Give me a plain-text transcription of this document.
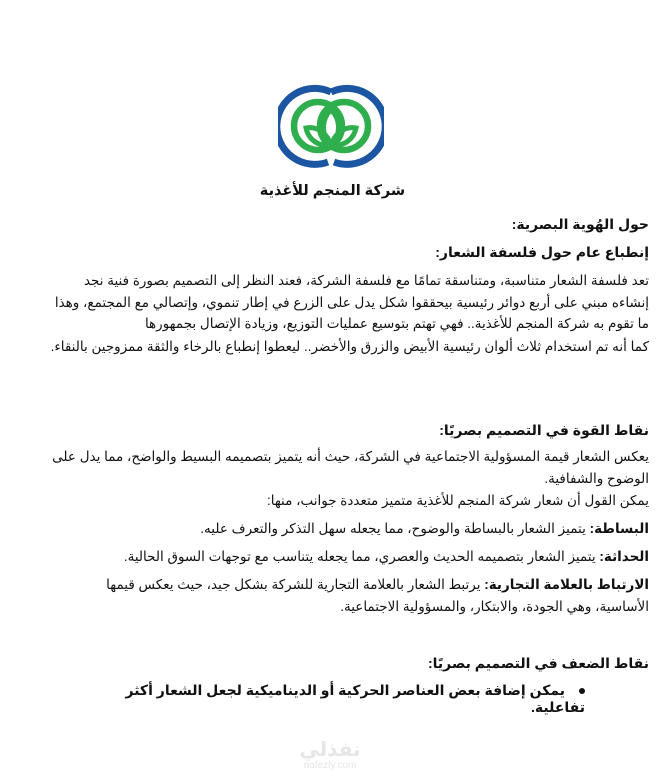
شركة المنجم للأغذية
حول الهُوية البصرية:
إنطباع عام حول فلسفة الشعار:
تعد فلسفة الشعار متناسبة، ومتناسقة تمامًا مع فلسفة الشركة، فعند النظر إلى التصميم بصورة فنية نجد إنشاءه مبني على أربع دوائر رئيسية بيحققوا شكل يدل على الزرع في إطار تنموي، وإتصالي مع المجتمع، وهذا ما تقوم به شركة المنجم للأغذية.. فهي تهتم بتوسيع عمليات التوزيع، وزيادة الإتصال بجمهورها
كما أنه تم استخدام ثلاث ألوان رئيسية الأبيض والزرق والأخضر.. ليعطوا إنطباع بالرخاء والثقة ممزوجين بالنقاء.
نقاط القوة في التصميم بصريًا:
يعكس الشعار قيمة المسؤولية الاجتماعية في الشركة، حيث أنه يتميز بتصميمه البسيط والواضح، مما يدل على الوضوح والشفافية.
يمكن القول أن شعار شركة المنجم للأغذية متميز متعددة جوانب، منها:
البساطة: يتميز الشعار بالبساطة والوضوح، مما يجعله سهل التذكر والتعرف عليه.
الحداثة: يتميز الشعار بتصميمه الحديث والعصري، مما يجعله يتناسب مع توجهات السوق الحالية.
الارتباط بالعلامة التجارية: يرتبط الشعار بالعلامة التجارية للشركة بشكل جيد، حيث يعكس قيمها الأساسية، وهي الجودة، والابتكار، والمسؤولية الاجتماعية.
نقاط الضعف في التصميم بصريًا:
يمكن إضافة بعض العناصر الحركية أو الديناميكية لجعل الشعار أكثر تفاعلية.
نفذلي
nafezly.com
